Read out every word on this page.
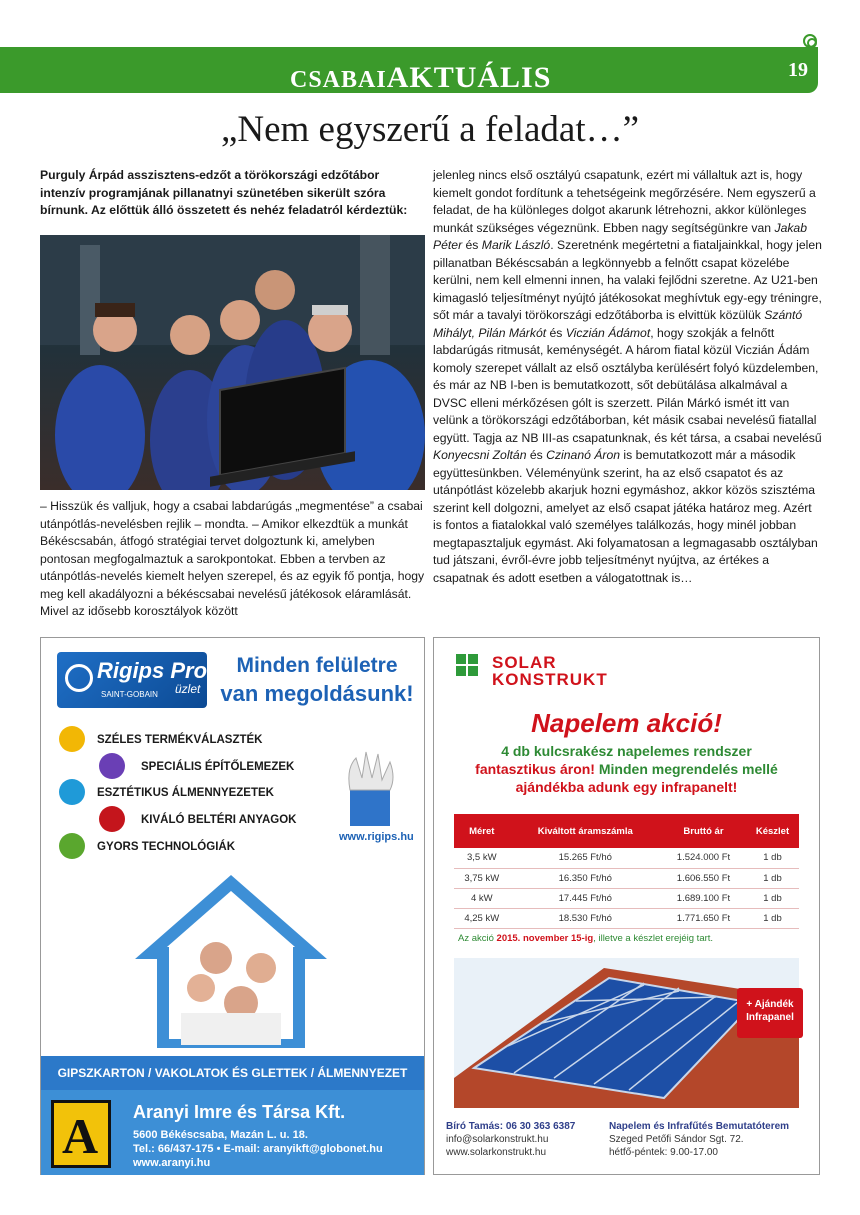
CSABAIAKTUÁLIS	19
„Nem egyszerű a feladat…”

Purguly Árpád asszisztens-edzőt a törökországi edzőtábor intenzív programjának pillanatnyi szünetében sikerült szóra bírnunk. Az előttük álló összetett és nehéz feladatról kérdeztük:

– Hisszük és valljuk, hogy a csabai labdarúgás „megmentése” a csabai utánpótlás-nevelésben rejlik – mondta. – Amikor elkezdtük a munkát Békéscsabán, átfogó stratégiai tervet dolgoztunk ki, amelyben pontosan megfogalmaztuk a sarokpontokat. Ebben a tervben az utánpótlás-nevelés kiemelt helyen szerepel, és az egyik fő pontja, hogy meg kell akadályozni a békéscsabai nevelésű játékosok eláramlását. Mivel az idősebb korosztályok között

jelenleg nincs első osztályú csapatunk, ezért mi vállaltuk azt is, hogy kiemelt gondot fordítunk a tehetségeink megőrzésére. Nem egyszerű a feladat, de ha különleges dolgot akarunk létrehozni, akkor különleges munkát szükséges végeznünk. Ebben nagy segítségünkre van Jakab Péter és Marik László. Szeretnénk megértetni a fiataljainkkal, hogy jelen pillanatban Békéscsabán a legkönnyebb a felnőtt csapat közelébe kerülni, nem kell elmenni innen, ha valaki fejlődni szeretne. Az U21-ben kimagasló teljesítményt nyújtó játékosokat meghívtuk egy-egy tréningre, sőt már a tavalyi törökországi edzőtáborba is elvittük közülük Szántó Mihályt, Pilán Márkót és Viczián Ádámot, hogy szokják a felnőtt labdarúgás ritmusát, keménységét. A három fiatal közül Viczián Ádám komoly szerepet vállalt az első osztályba kerülésért folyó küzdelemben, és már az NB I-ben is bemutatkozott, sőt debütálása alkalmával a DVSC elleni mérkőzésen gólt is szerzett. Pilán Márkó ismét itt van velünk a törökországi edzőtáborban, két másik csabai nevelésű fiatallal együtt. Tagja az NB III-as csapatunknak, és két társa, a csabai nevelésű Konyecsni Zoltán és Czinanó Áron is bemutatkozott már a második együttesünkben. Véleményünk szerint, ha az első csapatot és az utánpótlást közelebb akarjuk hozni egymáshoz, akkor közös szisztéma szerint kell dolgozni, amelyet az első csapat játéka határoz meg. Azért is fontos a fiatalokkal való személyes találkozás, hogy minél jobban megtapasztaljuk egymást. Aki folyamatosan a legmagasabb osztályban tud játszani, évről-évre jobb teljesítményt nyújtva, az értékes a csapatnak és adott esetben a válogatottnak is…

Rigips Pro
SAINT-GOBAIN üzlet
Minden felületre
van megoldásunk!
SZÉLES TERMÉKVÁLASZTÉK
SPECIÁLIS ÉPÍTŐLEMEZEK
ESZTÉTIKUS ÁLMENNYEZETEK
KIVÁLÓ BELTÉRI ANYAGOK
GYORS TECHNOLÓGIÁK
www.rigips.hu
GIPSZKARTON / VAKOLATOK ÉS GLETTEK / ÁLMENNYEZET
A Aranyi Imre és Társa Kft.
5600 Békéscsaba, Mazán L. u. 18.
Tel.: 66/437-175 • E-mail: aranyikft@globonet.hu
www.aranyi.hu
SOLAR
KONSTRUKT
Napelem akció!
4 db kulcsrakész napelemes rendszer
fantasztikus áron! Minden megrendelés mellé
ajándékba adunk egy infrapanelt!
Méret	Kiváltott áramszámla	Bruttó ár	Készlet
3,5 kW	15.265 Ft/hó	1.524.000 Ft	1 db
3,75 kW	16.350 Ft/hó	1.606.550 Ft	1 db
4 kW	17.445 Ft/hó	1.689.100 Ft	1 db
4,25 kW	18.530 Ft/hó	1.771.650 Ft	1 db
Az akció 2015. november 15-ig, illetve a készlet erejéig tart.
+ Ajándék Infrapanel
Bíró Tamás: 06 30 363 6387
info@solarkonstrukt.hu
www.solarkonstrukt.hu
Napelem és Infrafűtés Bemutatóterem
Szeged Petőfi Sándor Sgt. 72.
hétfő-péntek: 9.00-17.00
